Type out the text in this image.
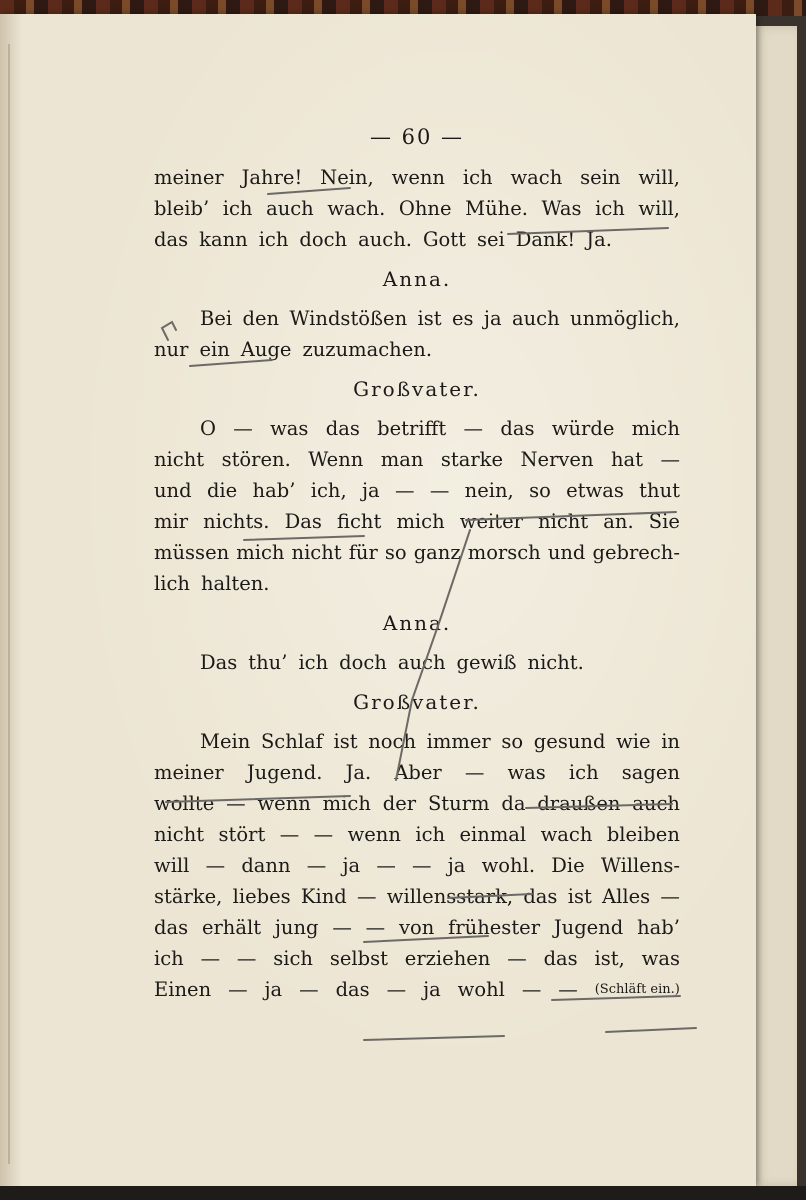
— 60 —
meiner Jahre! Nein, wenn ich wach sein will,
bleib’ ich auch wach. Ohne Mühe. Was ich will,
das kann ich doch auch. Gott sei Dank! Ja.
Anna.
Bei den Windstößen ist es ja auch unmöglich,
nur ein Auge zuzumachen.
Großvater.
O — was das betrifft — das würde mich
nicht stören. Wenn man starke Nerven hat —
und die hab’ ich, ja — — nein, so etwas thut
mir nichts. Das ficht mich weiter nicht an. Sie
müssen mich nicht für so ganz morsch und gebrech-
lich halten.
Anna.
Das thu’ ich doch auch gewiß nicht.
Großvater.
Mein Schlaf ist noch immer so gesund wie in
meiner Jugend. Ja. Aber — was ich sagen
wollte — wenn mich der Sturm da draußen auch
nicht stört — — wenn ich einmal wach bleiben
will — dann — ja — — ja wohl. Die Willens-
stärke, liebes Kind — willensstark, das ist Alles —
das erhält jung — — von frühester Jugend hab’
ich — — sich selbst erziehen — das ist, was
Einen — ja — das — ja wohl — — (Schläft ein.)
